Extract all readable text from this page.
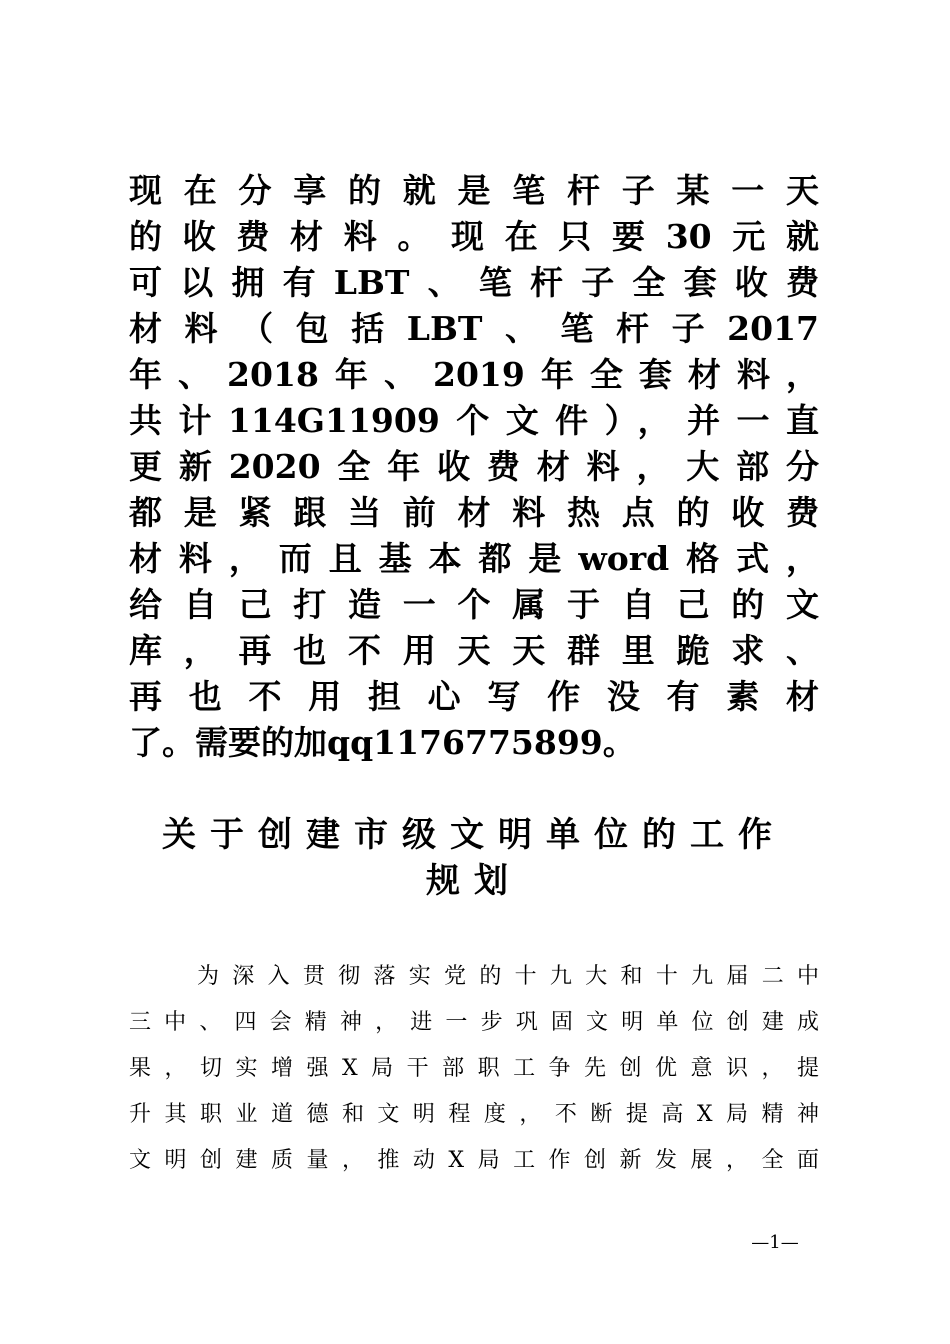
现在分享的就是笔杆子某一天
的收费材料。现在只要30元就
可以拥有LBT、笔杆子全套收费
材料（包括LBT、笔杆子2017
年、2018年、2019年全套材料，
共计114G11909个文件），并一直
更新2020全年收费材料，大部分
都是紧跟当前材料热点的收费
材料，而且基本都是word格式，
给自己打造一个属于自己的文
库，再也不用天天群里跪求、
再也不用担心写作没有素材
了。需要的加qq1176775899。
关于创建市级文明单位的工作
规划
为深入贯彻落实党的十九大和十九届二中
三中、四会精神，进一步巩固文明单位创建成
果，切实增强X局干部职工争先创优意识，提
升其职业道德和文明程度，不断提高X局精神
文明创建质量，推动X局工作创新发展，全面
—1—
